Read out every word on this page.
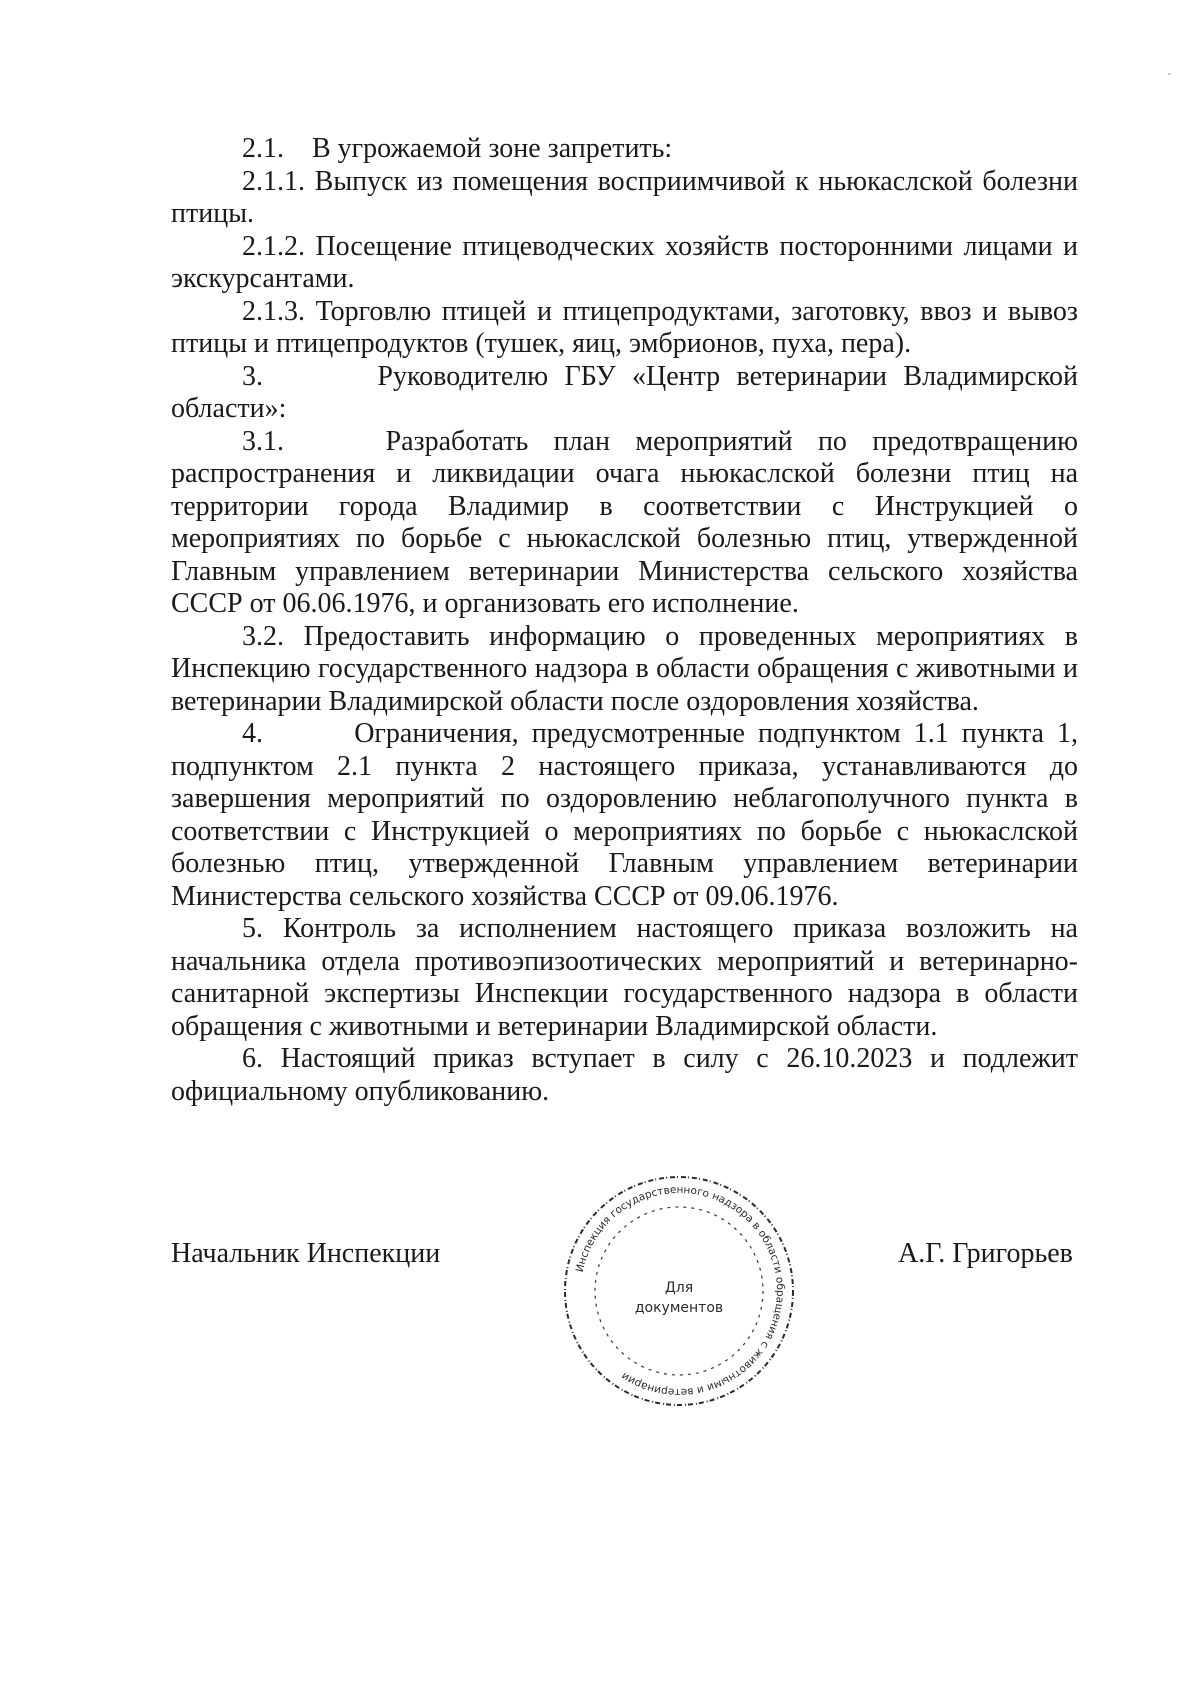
2.1.    В угрожаемой зоне запретить:

2.1.1. Выпуск из помещения восприимчивой к ньюкаслской болезни птицы.

2.1.2. Посещение птицеводческих хозяйств посторонними лицами и экскурсантами.

2.1.3. Торговлю птицей и птицепродуктами, заготовку, ввоз и вывоз птицы и птицепродуктов (тушек, яиц, эмбрионов, пуха, пера).

3.       Руководителю ГБУ «Центр ветеринарии Владимирской области»:

3.1.    Разработать план мероприятий по предотвращению распространения и ликвидации очага ньюкаслской болезни птиц на территории города Владимир в соответствии с Инструкцией о мероприятиях по борьбе с ньюкаслской болезнью птиц, утвержденной Главным управлением ветеринарии Министерства сельского хозяйства СССР от 06.06.1976, и организовать его исполнение.

3.2. Предоставить информацию о проведенных мероприятиях в Инспекцию государственного надзора в области обращения с животными и ветеринарии Владимирской области после оздоровления хозяйства.

4.       Ограничения, предусмотренные подпунктом 1.1 пункта 1, подпунктом 2.1 пункта 2 настоящего приказа, устанавливаются до завершения мероприятий по оздоровлению неблагополучного пункта в соответствии с Инструкцией о мероприятиях по борьбе с ньюкаслской болезнью птиц, утвержденной Главным управлением ветеринарии Министерства сельского хозяйства СССР от 09.06.1976.

5. Контроль за исполнением настоящего приказа возложить на начальника отдела противоэпизоотических мероприятий и ветеринарно-санитарной экспертизы Инспекции государственного надзора в области обращения с животными и ветеринарии Владимирской области.

6. Настоящий приказ вступает в силу с 26.10.2023 и подлежит официальному опубликованию.

Начальник Инспекции	А.Г. Григорьев
Инспекция государственного надзора в области обращения с животными и ветеринарии
Для
документов
